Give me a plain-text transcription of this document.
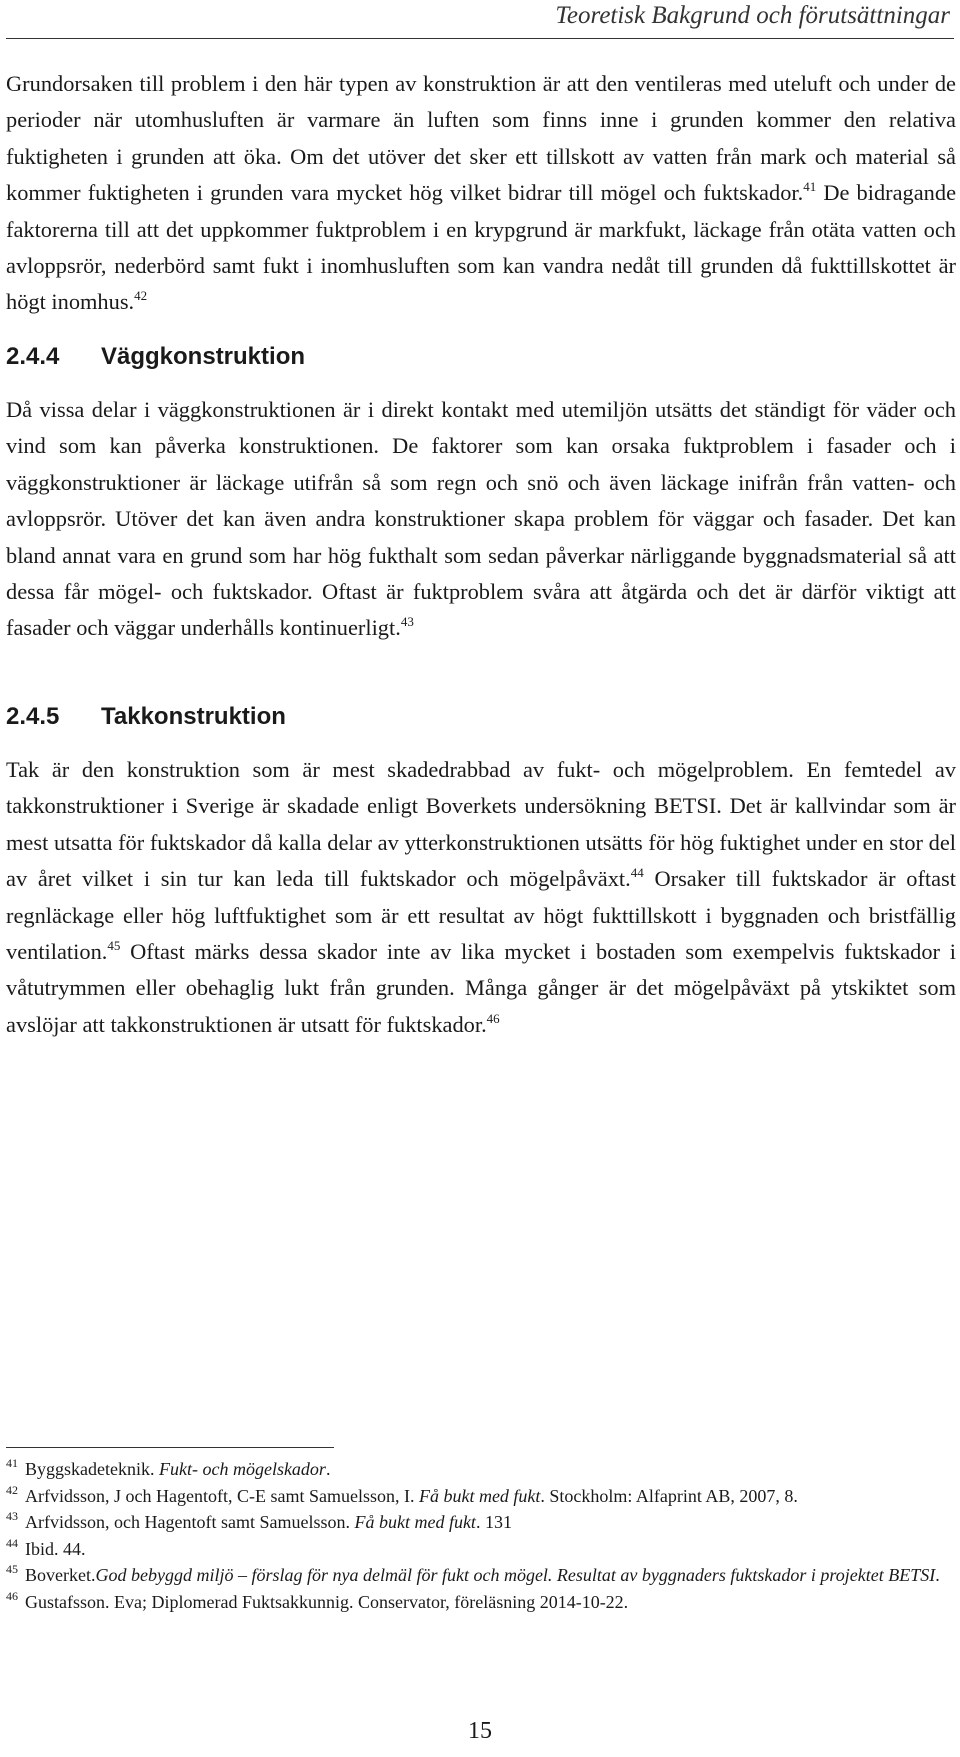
Teoretisk Bakgrund och förutsättningar

Grundorsaken till problem i den här typen av konstruktion är att den ventileras med uteluft och under de perioder när utomhusluften är varmare än luften som finns inne i grunden kommer den relativa fuktigheten i grunden att öka. Om det utöver det sker ett tillskott av vatten från mark och material så kommer fuktigheten i grunden vara mycket hög vilket bidrar till mögel och fuktskador.$^{41}$ De bidragande faktorerna till att det uppkommer fuktproblem i en krypgrund är markfukt, läckage från otäta vatten och avloppsrör, nederbörd samt fukt i inomhusluften som kan vandra nedåt till grunden då fukttillskottet är högt inomhus.$^{42}$

2.4.4 Väggkonstruktion

Då vissa delar i väggkonstruktionen är i direkt kontakt med utemiljön utsätts det ständigt för väder och vind som kan påverka konstruktionen. De faktorer som kan orsaka fuktproblem i fasader och i väggkonstruktioner är läckage utifrån så som regn och snö och även läckage inifrån från vatten- och avloppsrör. Utöver det kan även andra konstruktioner skapa problem för väggar och fasader. Det kan bland annat vara en grund som har hög fukthalt som sedan påverkar närliggande byggnadsmaterial så att dessa får mögel- och fuktskador. Oftast är fuktproblem svåra att åtgärda och det är därför viktigt att fasader och väggar underhålls kontinuerligt.$^{43}$

2.4.5 Takkonstruktion

Tak är den konstruktion som är mest skadedrabbad av fukt- och mögelproblem. En femtedel av takkonstruktioner i Sverige är skadade enligt Boverkets undersökning BETSI. Det är kallvindar som är mest utsatta för fuktskador då kalla delar av ytterkonstruktionen utsätts för hög fuktighet under en stor del av året vilket i sin tur kan leda till fuktskador och mögelpåväxt.$^{44}$ Orsaker till fuktskador är oftast regnläckage eller hög luftfuktighet som är ett resultat av högt fukttillskott i byggnaden och bristfällig ventilation.$^{45}$ Oftast märks dessa skador inte av lika mycket i bostaden som exempelvis fuktskador i våtutrymmen eller obehaglig lukt från grunden. Många gånger är det mögelpåväxt på ytskiktet som avslöjar att takkonstruktionen är utsatt för fuktskador.$^{46}$

41 Byggskadeteknik. Fukt- och mögelskador.

42 Arfvidsson, J och Hagentoft, C-E samt Samuelsson, I. Få bukt med fukt. Stockholm: Alfaprint AB, 2007, 8.

43 Arfvidsson, och Hagentoft samt Samuelsson. Få bukt med fukt. 131

44 Ibid. 44.

45 Boverket.God bebyggd miljö – förslag för nya delmäl för fukt och mögel. Resultat av byggnaders fuktskador i projektet BETSI.

46 Gustafsson. Eva; Diplomerad Fuktsakkunnig. Conservator, föreläsning 2014-10-22.

15
